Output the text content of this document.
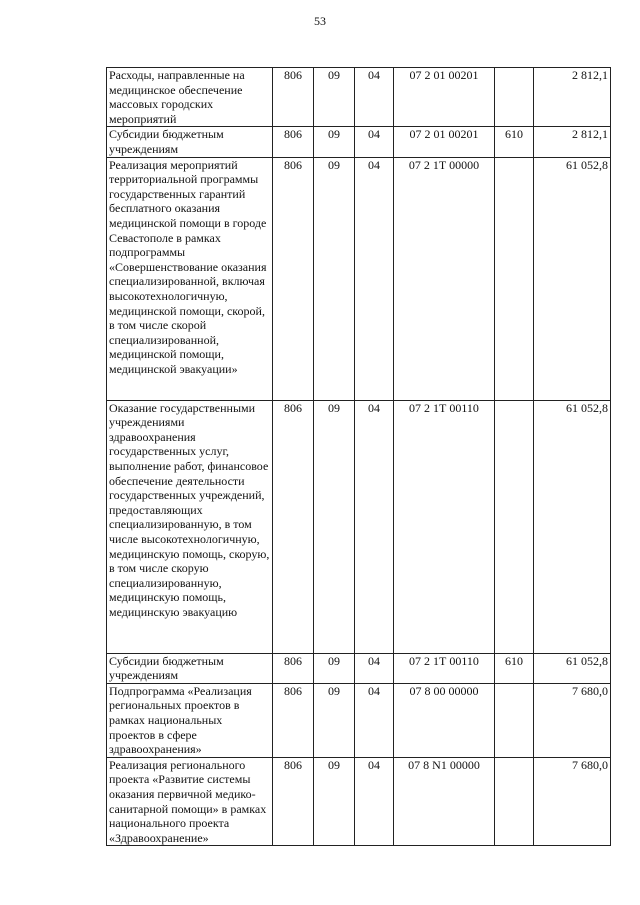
53
Расходы, направленные на медицинское обеспечение массовых городских мероприятий	806	09	04	07 2 01 00201		2 812,1
Субсидии бюджетным учреждениям	806	09	04	07 2 01 00201	610	2 812,1
Реализация мероприятий территориальной программы государственных гарантий бесплатного оказания медицинской помощи в городе Севастополе в рамках подпрограммы «Совершенствование оказания специализированной, включая высокотехнологичную, медицинской помощи, скорой, в том числе скорой специализированной, медицинской помощи, медицинской эвакуации»	806	09	04	07 2 1Т 00000		61 052,8
Оказание государственными учреждениями здравоохранения государственных услуг, выполнение работ, финансовое обеспечение деятельности государственных учреждений, предоставляющих специализированную, в том числе высокотехнологичную, медицинскую помощь, скорую, в том числе скорую специализированную, медицинскую помощь, медицинскую эвакуацию	806	09	04	07 2 1Т 00110		61 052,8
Субсидии бюджетным учреждениям	806	09	04	07 2 1Т 00110	610	61 052,8
Подпрограмма «Реализация региональных проектов в рамках национальных проектов в сфере здравоохранения»	806	09	04	07 8 00 00000		7 680,0
Реализация регионального проекта «Развитие системы оказания первичной медико-санитарной помощи» в рамках национального проекта «Здравоохранение»	806	09	04	07 8 N1 00000		7 680,0
